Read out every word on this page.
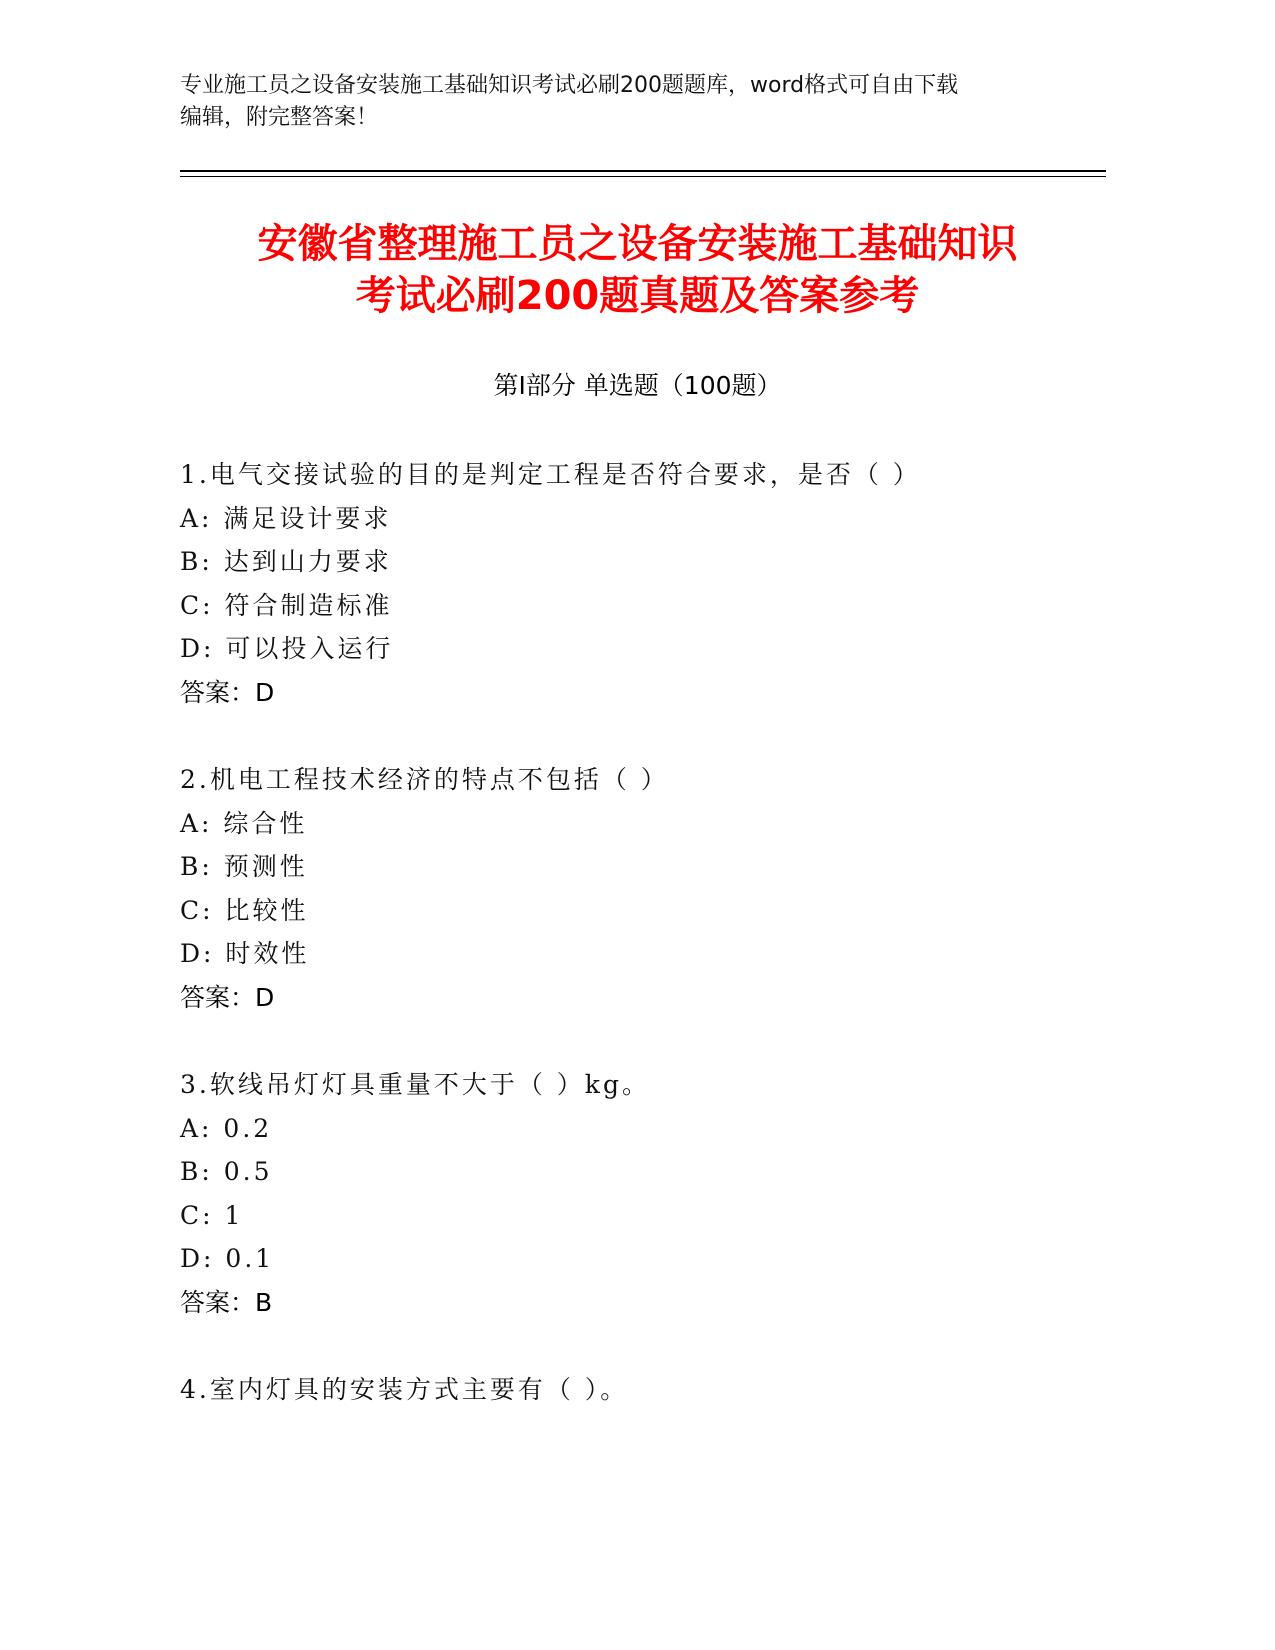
专业施工员之设备安装施工基础知识考试必刷200题题库，word格式可自由下载
编辑，附完整答案！
安徽省整理施工员之设备安装施工基础知识
考试必刷200题真题及答案参考
第Ⅰ部分 单选题（100题）
1.电气交接试验的目的是判定工程是否符合要求，是否（ ）
A: 满足设计要求
B: 达到山力要求
C: 符合制造标准
D: 可以投入运行
答案：D
2.机电工程技术经济的特点不包括（ ）
A: 综合性
B: 预测性
C: 比较性
D: 时效性
答案：D
3.软线吊灯灯具重量不大于（ ）kg。
A: 0.2
B: 0.5
C: 1
D: 0.1
答案：B
4.室内灯具的安装方式主要有（ ）。
